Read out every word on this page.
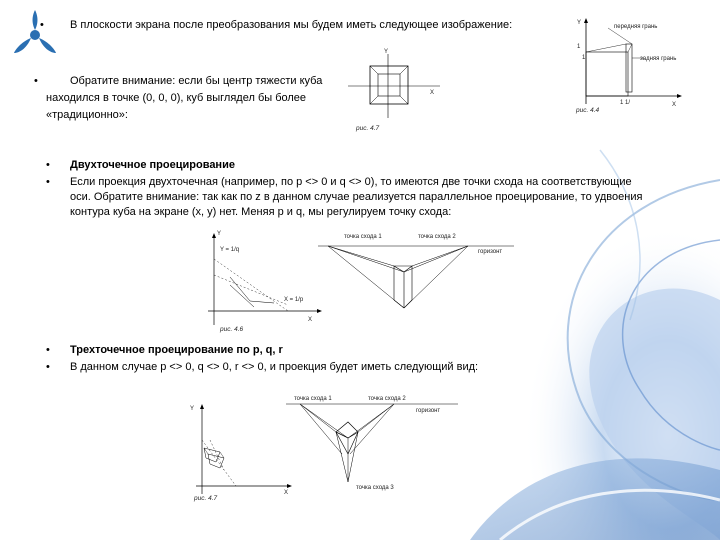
• В плоскости экрана после преобразования мы будем иметь следующее изображение:
•	Обратите внимание: если бы центр тяжести куба
находился в точке (0, 0, 0), куб выглядел бы более
«традиционно»:
Y
X
1
1
1 1/
передняя грань
задняя грань
рис. 4.4
Y
X
рис. 4.7
• Двухточечное проецирование
• Если проекция двухточечная (например, по p <> 0 и q <> 0), то имеются две точки схода на соответствующие
оси. Обратите внимание: так как по z в данном случае реализуется параллельное проецирование, то удвоения
контура куба на экране (x, y) нет. Меняя p и q, мы регулируем точку схода:
Y
X
Y = 1/q
X = 1/p
рис. 4.6
точка схода 1	точка схода 2
горизонт
• Трехточечное проецирование по p, q, r
• В данном случае p <> 0, q <> 0, r <> 0, и проекция будет иметь следующий вид:
Y
X
рис. 4.7
точка схода 1	точка схода 2
горизонт
точка схода 3
